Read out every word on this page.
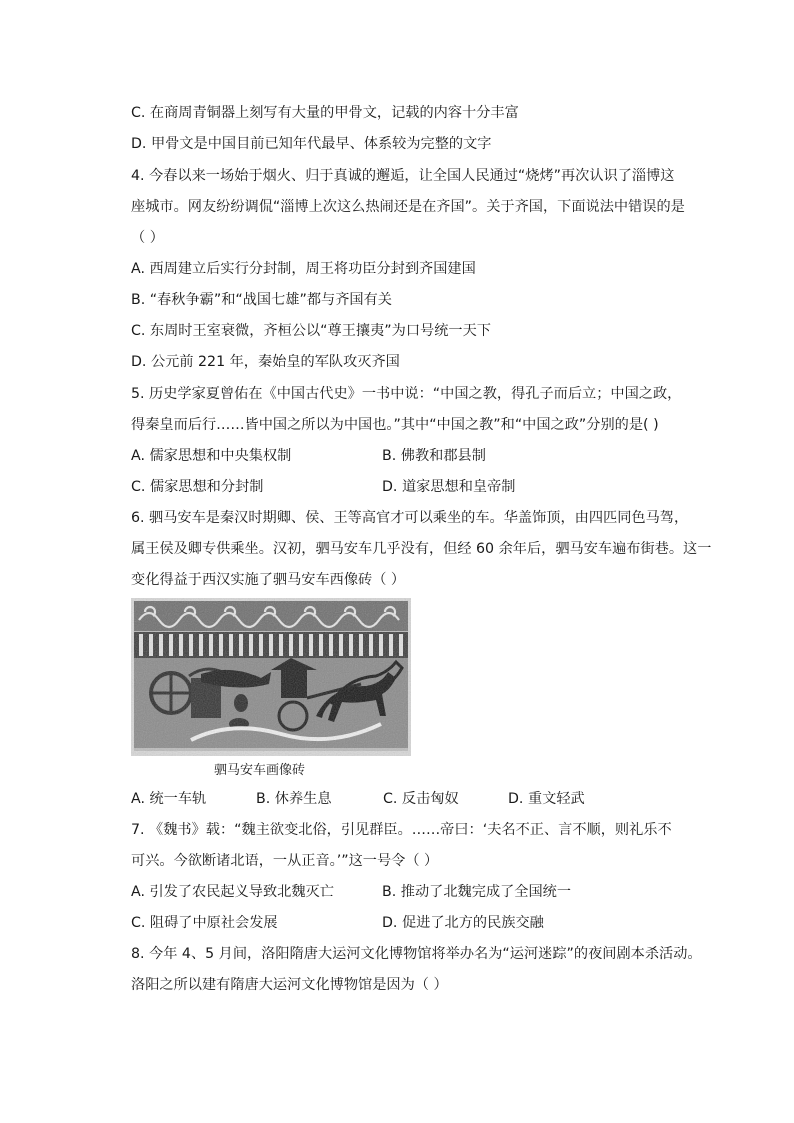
C. 在商周青铜器上刻写有大量的甲骨文，记载的内容十分丰富
D. 甲骨文是中国目前已知年代最早、体系较为完整的文字
4. 今春以来一场始于烟火、归于真诚的邂逅，让全国人民通过“烧烤”再次认识了淄博这
座城市。网友纷纷调侃“淄博上次这么热闹还是在齐国”。关于齐国，下面说法中错误的是
（ ）
A. 西周建立后实行分封制，周王将功臣分封到齐国建国
B. “春秋争霸”和“战国七雄”都与齐国有关
C. 东周时王室衰微，齐桓公以“尊王攘夷”为口号统一天下
D. 公元前 221 年，秦始皇的军队攻灭齐国
5. 历史学家夏曾佑在《中国古代史》一书中说：“中国之教，得孔子而后立；中国之政，
得秦皇而后行……皆中国之所以为中国也。”其中“中国之教”和“中国之政”分别的是( )
A. 儒家思想和中央集权制	B. 佛教和郡县制
C. 儒家思想和分封制	D. 道家思想和皇帝制
6. 驷马安车是秦汉时期卿、侯、王等高官才可以乘坐的车。华盖饰顶，由四匹同色马驾，
属王侯及卿专供乘坐。汉初，驷马安车几乎没有，但经 60 余年后，驷马安车遍布街巷。这一
变化得益于西汉实施了驷马安车西像砖（ ）
驷马安车画像砖
A. 统一车轨	B. 休养生息	C. 反击匈奴	D. 重文轻武
7. 《魏书》载：“魏主欲变北俗，引见群臣。……帝曰：‘夫名不正、言不顺，则礼乐不
可兴。今欲断诸北语，一从正音。’”这一号令（ ）
A. 引发了农民起义导致北魏灭亡	B. 推动了北魏完成了全国统一
C. 阻碍了中原社会发展	D. 促进了北方的民族交融
8. 今年 4、5 月间，洛阳隋唐大运河文化博物馆将举办名为“运河迷踪”的夜间剧本杀活动。
洛阳之所以建有隋唐大运河文化博物馆是因为（ ）
